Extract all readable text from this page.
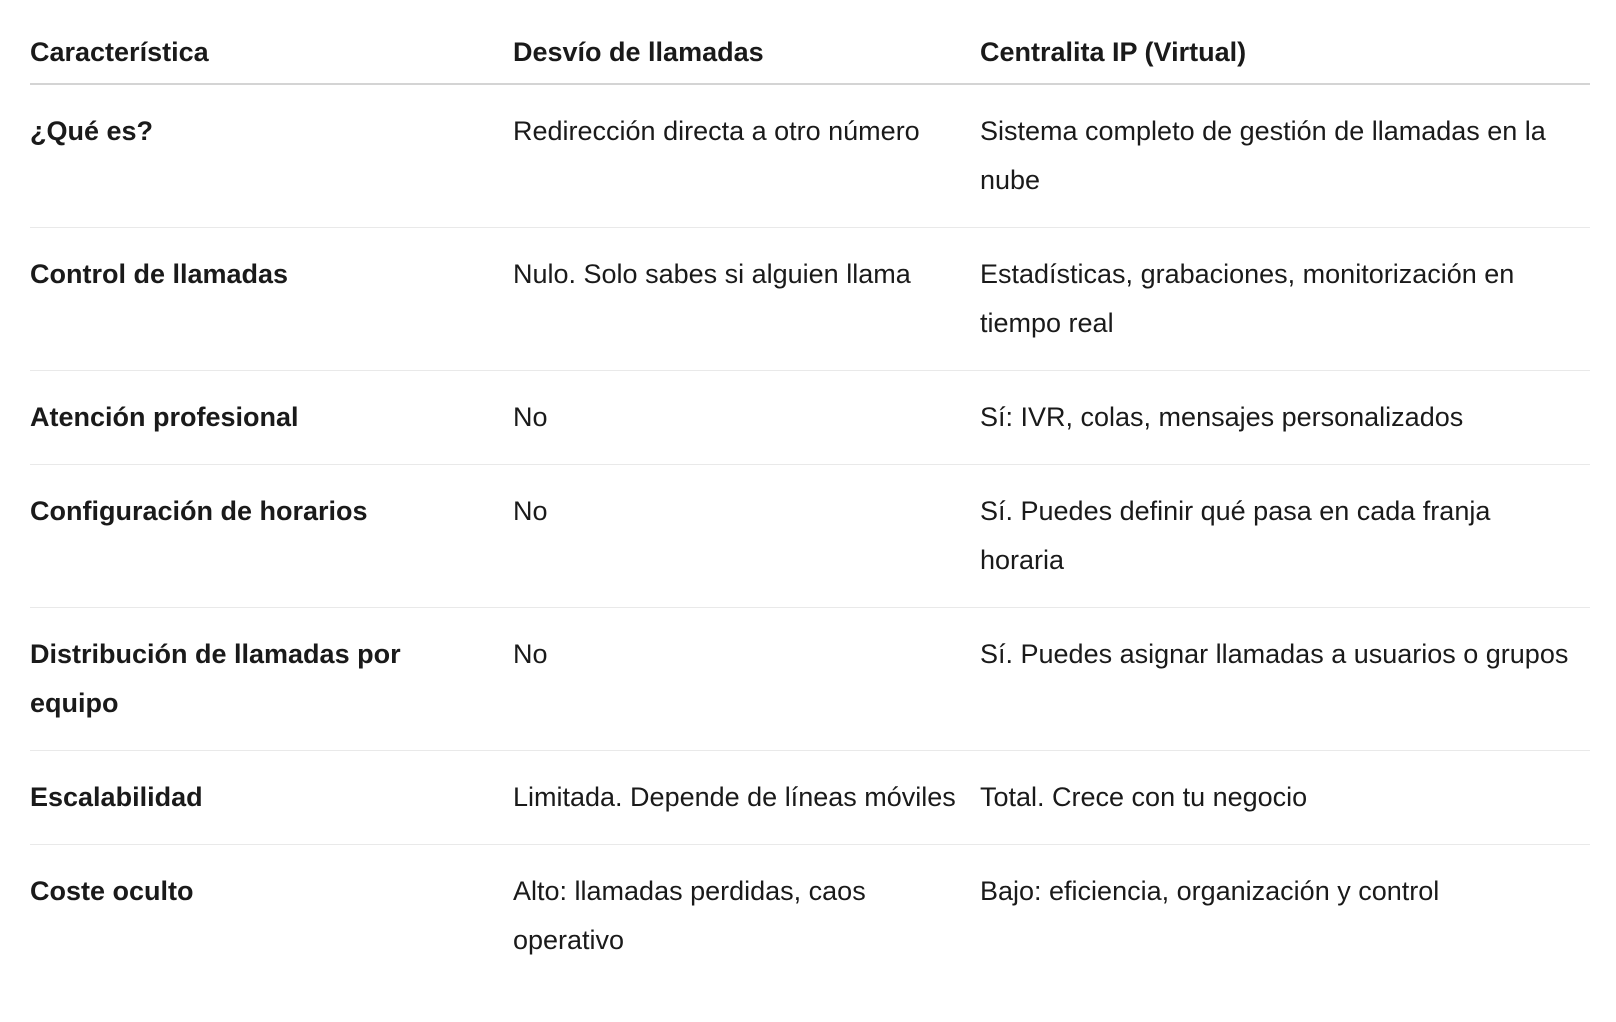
Característica	Desvío de llamadas	Centralita IP (Virtual)
¿Qué es?	Redirección directa a otro número	Sistema completo de gestión de llamadas en la nube
Control de llamadas	Nulo. Solo sabes si alguien llama	Estadísticas, grabaciones, monitorización en tiempo real
Atención profesional	No	Sí: IVR, colas, mensajes personalizados
Configuración de horarios	No	Sí. Puedes definir qué pasa en cada franja horaria
Distribución de llamadas por equipo	No	Sí. Puedes asignar llamadas a usuarios o grupos
Escalabilidad	Limitada. Depende de líneas móviles	Total. Crece con tu negocio
Coste oculto	Alto: llamadas perdidas, caos operativo	Bajo: eficiencia, organización y control
